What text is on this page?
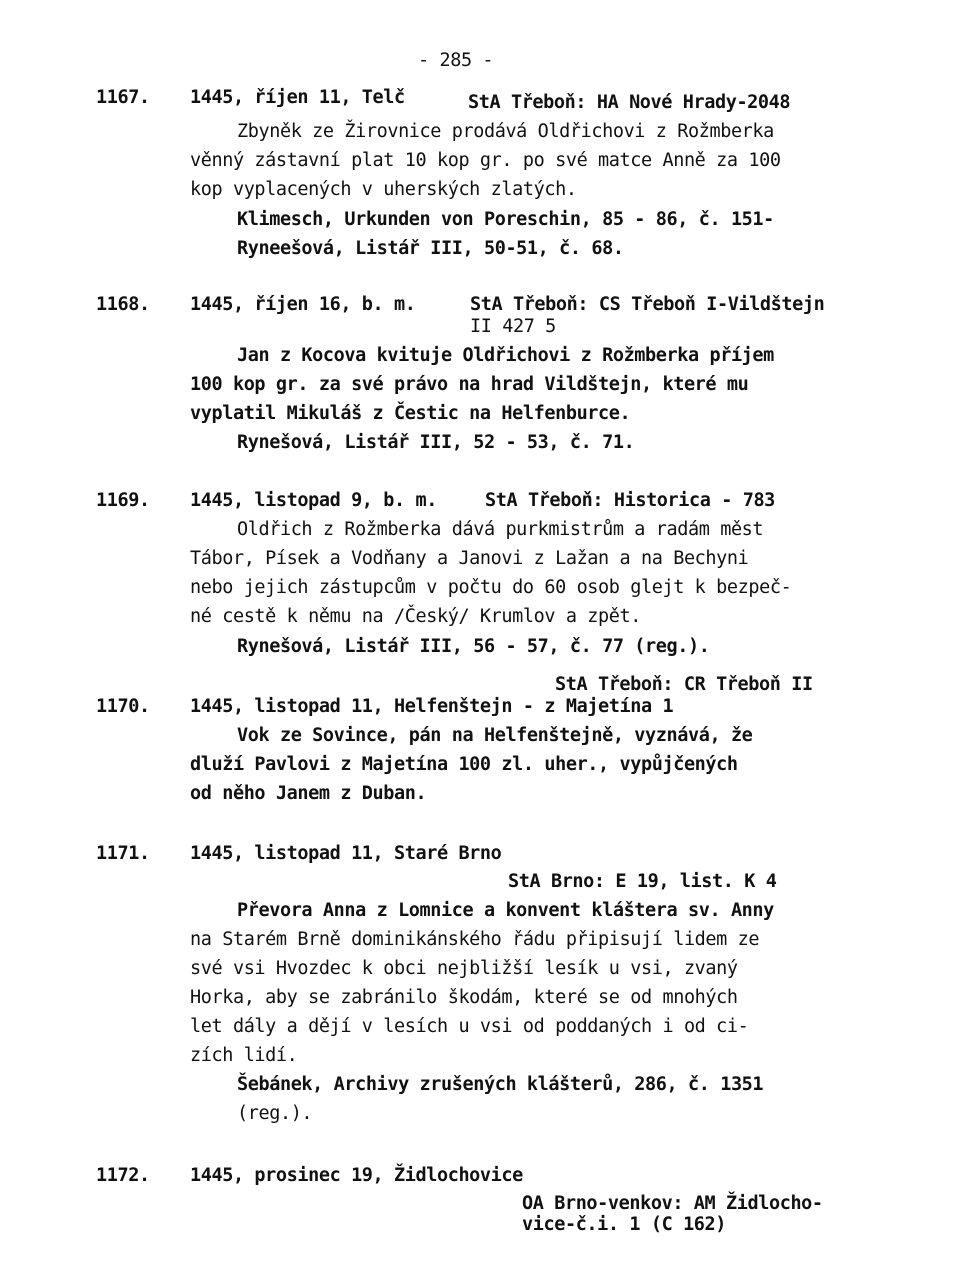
- 285 -
1167. 1445, říjen 11, Telč	StA Třeboň: HA Nové Hrady-2048
Zbyněk ze Žirovnice prodává Oldřichovi z Rožmberka
věnný zástavní plat 10 kop gr. po své matce Anně za 100
kop vyplacených v uherských zlatých.
Klimesch, Urkunden von Poreschin, 85 - 86, č. 151-
Ryneešová, Listář III, 50-51, č. 68.
1168. 1445, říjen 16, b. m.	StA Třeboň: CS Třeboň I-Vildštejn
II 427 5
Jan z Kocova kvituje Oldřichovi z Rožmberka příjem
100 kop gr. za své právo na hrad Vildštejn, které mu
vyplatil Mikuláš z Čestic na Helfenburce.
Rynešová, Listář III, 52 - 53, č. 71.
1169. 1445, listopad 9, b. m.	StA Třeboň: Historica - 783
Oldřich z Rožmberka dává purkmistrům a radám měst
Tábor, Písek a Vodňany a Janovi z Lažan a na Bechyni
nebo jejich zástupcům v počtu do 60 osob glejt k bezpeč-
né cestě k němu na /Český/ Krumlov a zpět.
Rynešová, Listář III, 56 - 57, č. 77 (reg.).
StA Třeboň: CR Třeboň II
1170. 1445, listopad 11, Helfenštejn - z Majetína 1
Vok ze Sovince, pán na Helfenštejně, vyznává, že
dluží Pavlovi z Majetína 100 zl. uher., vypůjčených
od něho Janem z Duban.
1171. 1445, listopad 11, Staré Brno
StA Brno: E 19, list. K 4
Převora Anna z Lomnice a konvent kláštera sv. Anny
na Starém Brně dominikánského řádu připisují lidem ze
své vsi Hvozdec k obci nejbližší lesík u vsi, zvaný
Horka, aby se zabránilo škodám, které se od mnohých
let dály a dějí v lesích u vsi od poddaných i od ci-
zích lidí.
Šebánek, Archivy zrušených klášterů, 286, č. 1351
(reg.).
1172. 1445, prosinec 19, Židlochovice
OA Brno-venkov: AM Židlocho-
vice-č.i. 1 (C 162)
